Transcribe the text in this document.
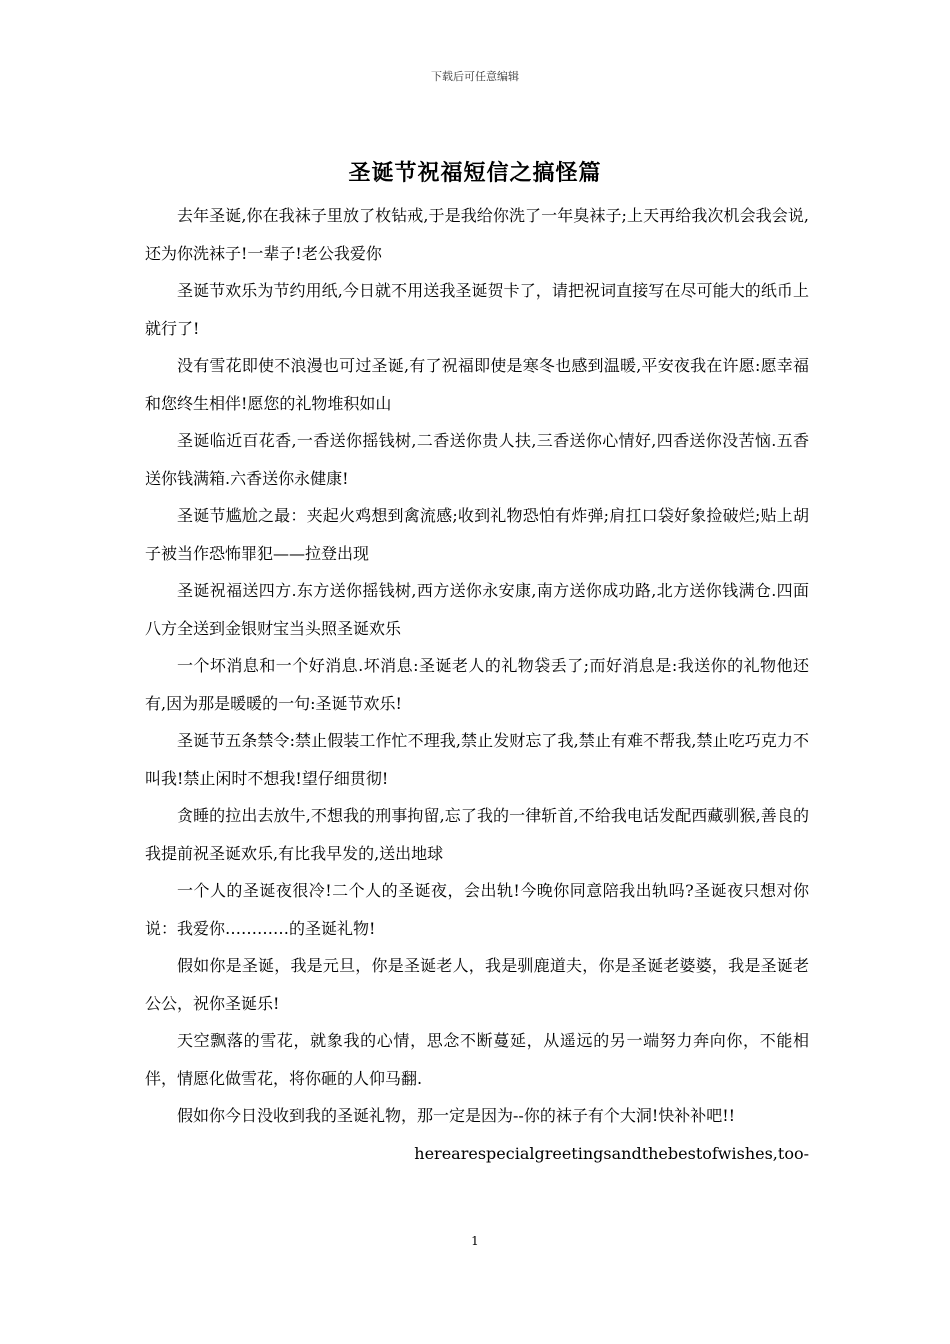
下载后可任意编辑
圣诞节祝福短信之搞怪篇

去年圣诞,你在我袜子里放了枚钻戒,于是我给你洗了一年臭袜子;上天再给我次机会我会说,还为你洗袜子!一辈子!老公我爱你

圣诞节欢乐为节约用纸,今日就不用送我圣诞贺卡了，请把祝词直接写在尽可能大的纸币上就行了!

没有雪花即使不浪漫也可过圣诞,有了祝福即使是寒冬也感到温暖,平安夜我在许愿:愿幸福和您终生相伴!愿您的礼物堆积如山

圣诞临近百花香,一香送你摇钱树,二香送你贵人扶,三香送你心情好,四香送你没苦恼.五香送你钱满箱.六香送你永健康!

圣诞节尴尬之最：夹起火鸡想到禽流感;收到礼物恐怕有炸弹;肩扛口袋好象捡破烂;贴上胡子被当作恐怖罪犯——拉登出现

圣诞祝福送四方.东方送你摇钱树,西方送你永安康,南方送你成功路,北方送你钱满仓.四面八方全送到金银财宝当头照圣诞欢乐

一个坏消息和一个好消息.坏消息:圣诞老人的礼物袋丢了;而好消息是:我送你的礼物他还有,因为那是暖暖的一句:圣诞节欢乐!

圣诞节五条禁令:禁止假装工作忙不理我,禁止发财忘了我,禁止有难不帮我,禁止吃巧克力不叫我!禁止闲时不想我!望仔细贯彻!

贪睡的拉出去放牛,不想我的刑事拘留,忘了我的一律斩首,不给我电话发配西藏驯猴,善良的我提前祝圣诞欢乐,有比我早发的,送出地球

一个人的圣诞夜很冷!二个人的圣诞夜，会出轨!今晚你同意陪我出轨吗?圣诞夜只想对你说：我爱你…………的圣诞礼物!

假如你是圣诞，我是元旦，你是圣诞老人，我是驯鹿道夫，你是圣诞老婆婆，我是圣诞老公公，祝你圣诞乐!

天空飘落的雪花，就象我的心情，思念不断蔓延，从遥远的另一端努力奔向你，不能相伴，情愿化做雪花，将你砸的人仰马翻.

假如你今日没收到我的圣诞礼物，那一定是因为--你的袜子有个大洞!快补补吧!!

herearespecialgreetingsandthebestofwishes,too-

1
